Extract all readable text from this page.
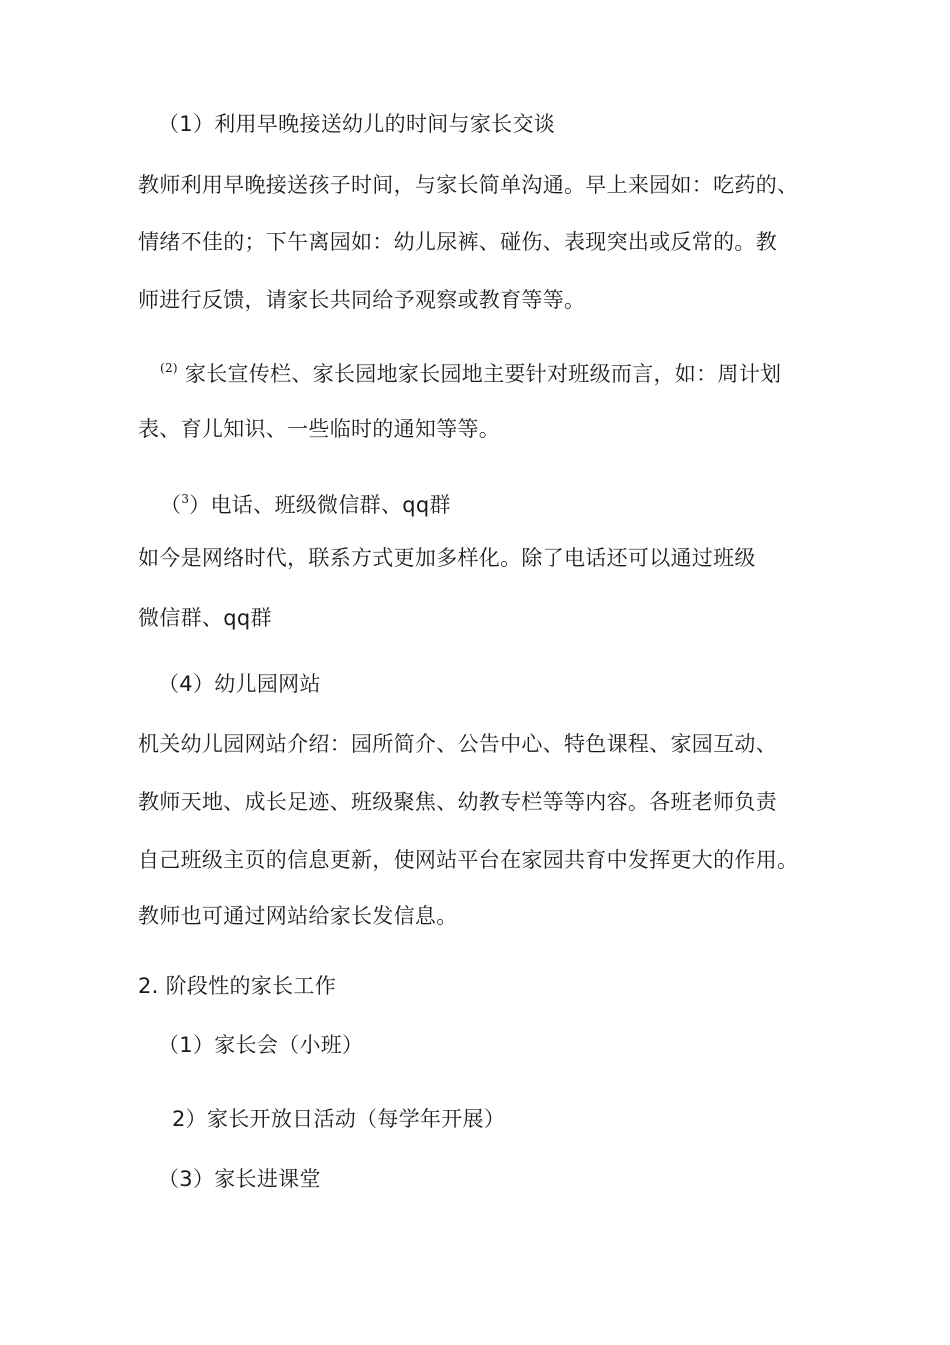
（1）利用早晚接送幼儿的时间与家长交谈
教师利用早晚接送孩子时间，与家长简单沟通。早上来园如：吃药的、
情绪不佳的；下午离园如：幼儿尿裤、碰伤、表现突出或反常的。教
师进行反馈，请家长共同给予观察或教育等等。
$^{(2)}$ 家长宣传栏、家长园地家长园地主要针对班级而言，如：周计划
表、育儿知识、一些临时的通知等等。
（$^3$）电话、班级微信群、qq群
如今是网络时代，联系方式更加多样化。除了电话还可以通过班级
微信群、qq群
（4）幼儿园网站
机关幼儿园网站介绍：园所简介、公告中心、特色课程、家园互动、
教师天地、成长足迹、班级聚焦、幼教专栏等等内容。各班老师负责
自己班级主页的信息更新，使网站平台在家园共育中发挥更大的作用。
教师也可通过网站给家长发信息。
2. 阶段性的家长工作
（1）家长会（小班）
2）家长开放日活动（每学年开展）
（3）家长进课堂
